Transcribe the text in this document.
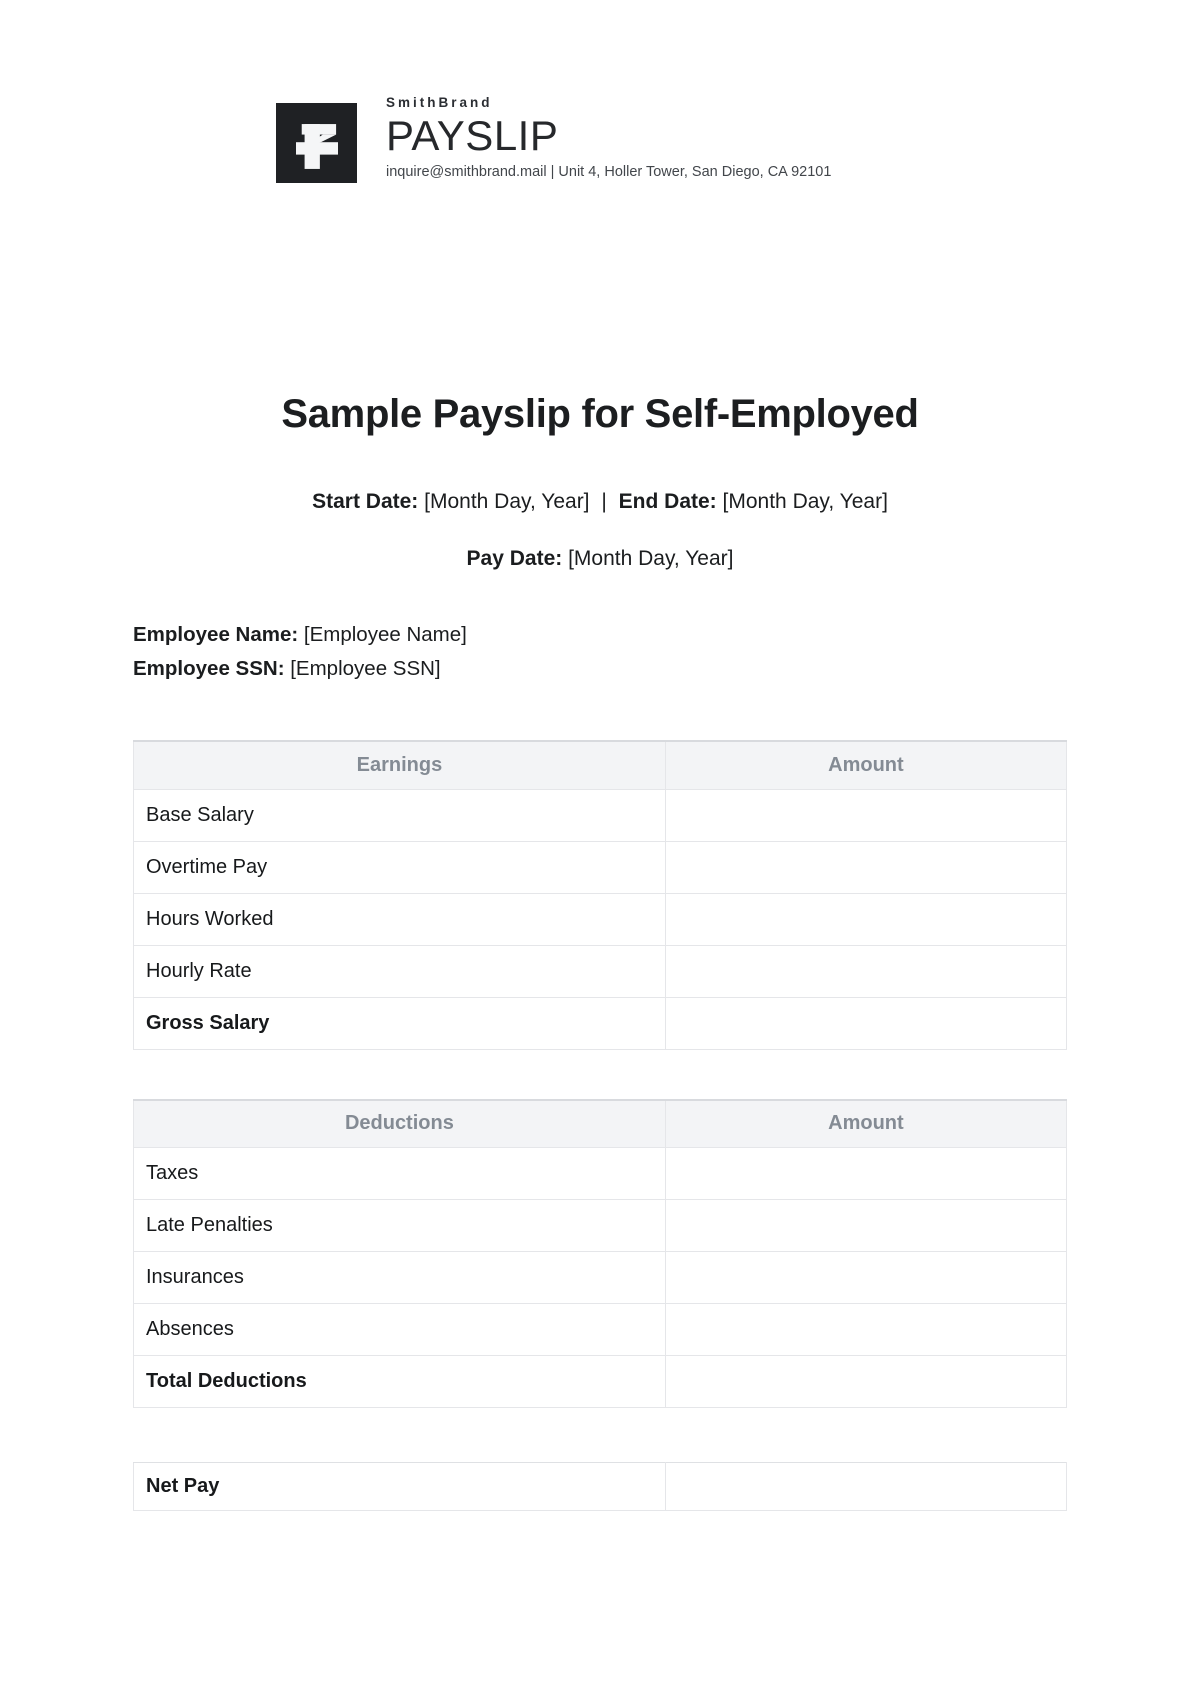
SmithBrand
PAYSLIP
inquire@smithbrand.mail | Unit 4, Holler Tower, San Diego, CA 92101
Sample Payslip for Self-Employed

Start Date: [Month Day, Year] | End Date: [Month Day, Year]

Pay Date: [Month Day, Year]

Employee Name: [Employee Name]

Employee SSN: [Employee SSN]

Earnings	Amount
Base Salary	
Overtime Pay	
Hours Worked	
Hourly Rate	
Gross Salary	
Deductions	Amount
Taxes	
Late Penalties	
Insurances	
Absences	
Total Deductions	
Net Pay	
